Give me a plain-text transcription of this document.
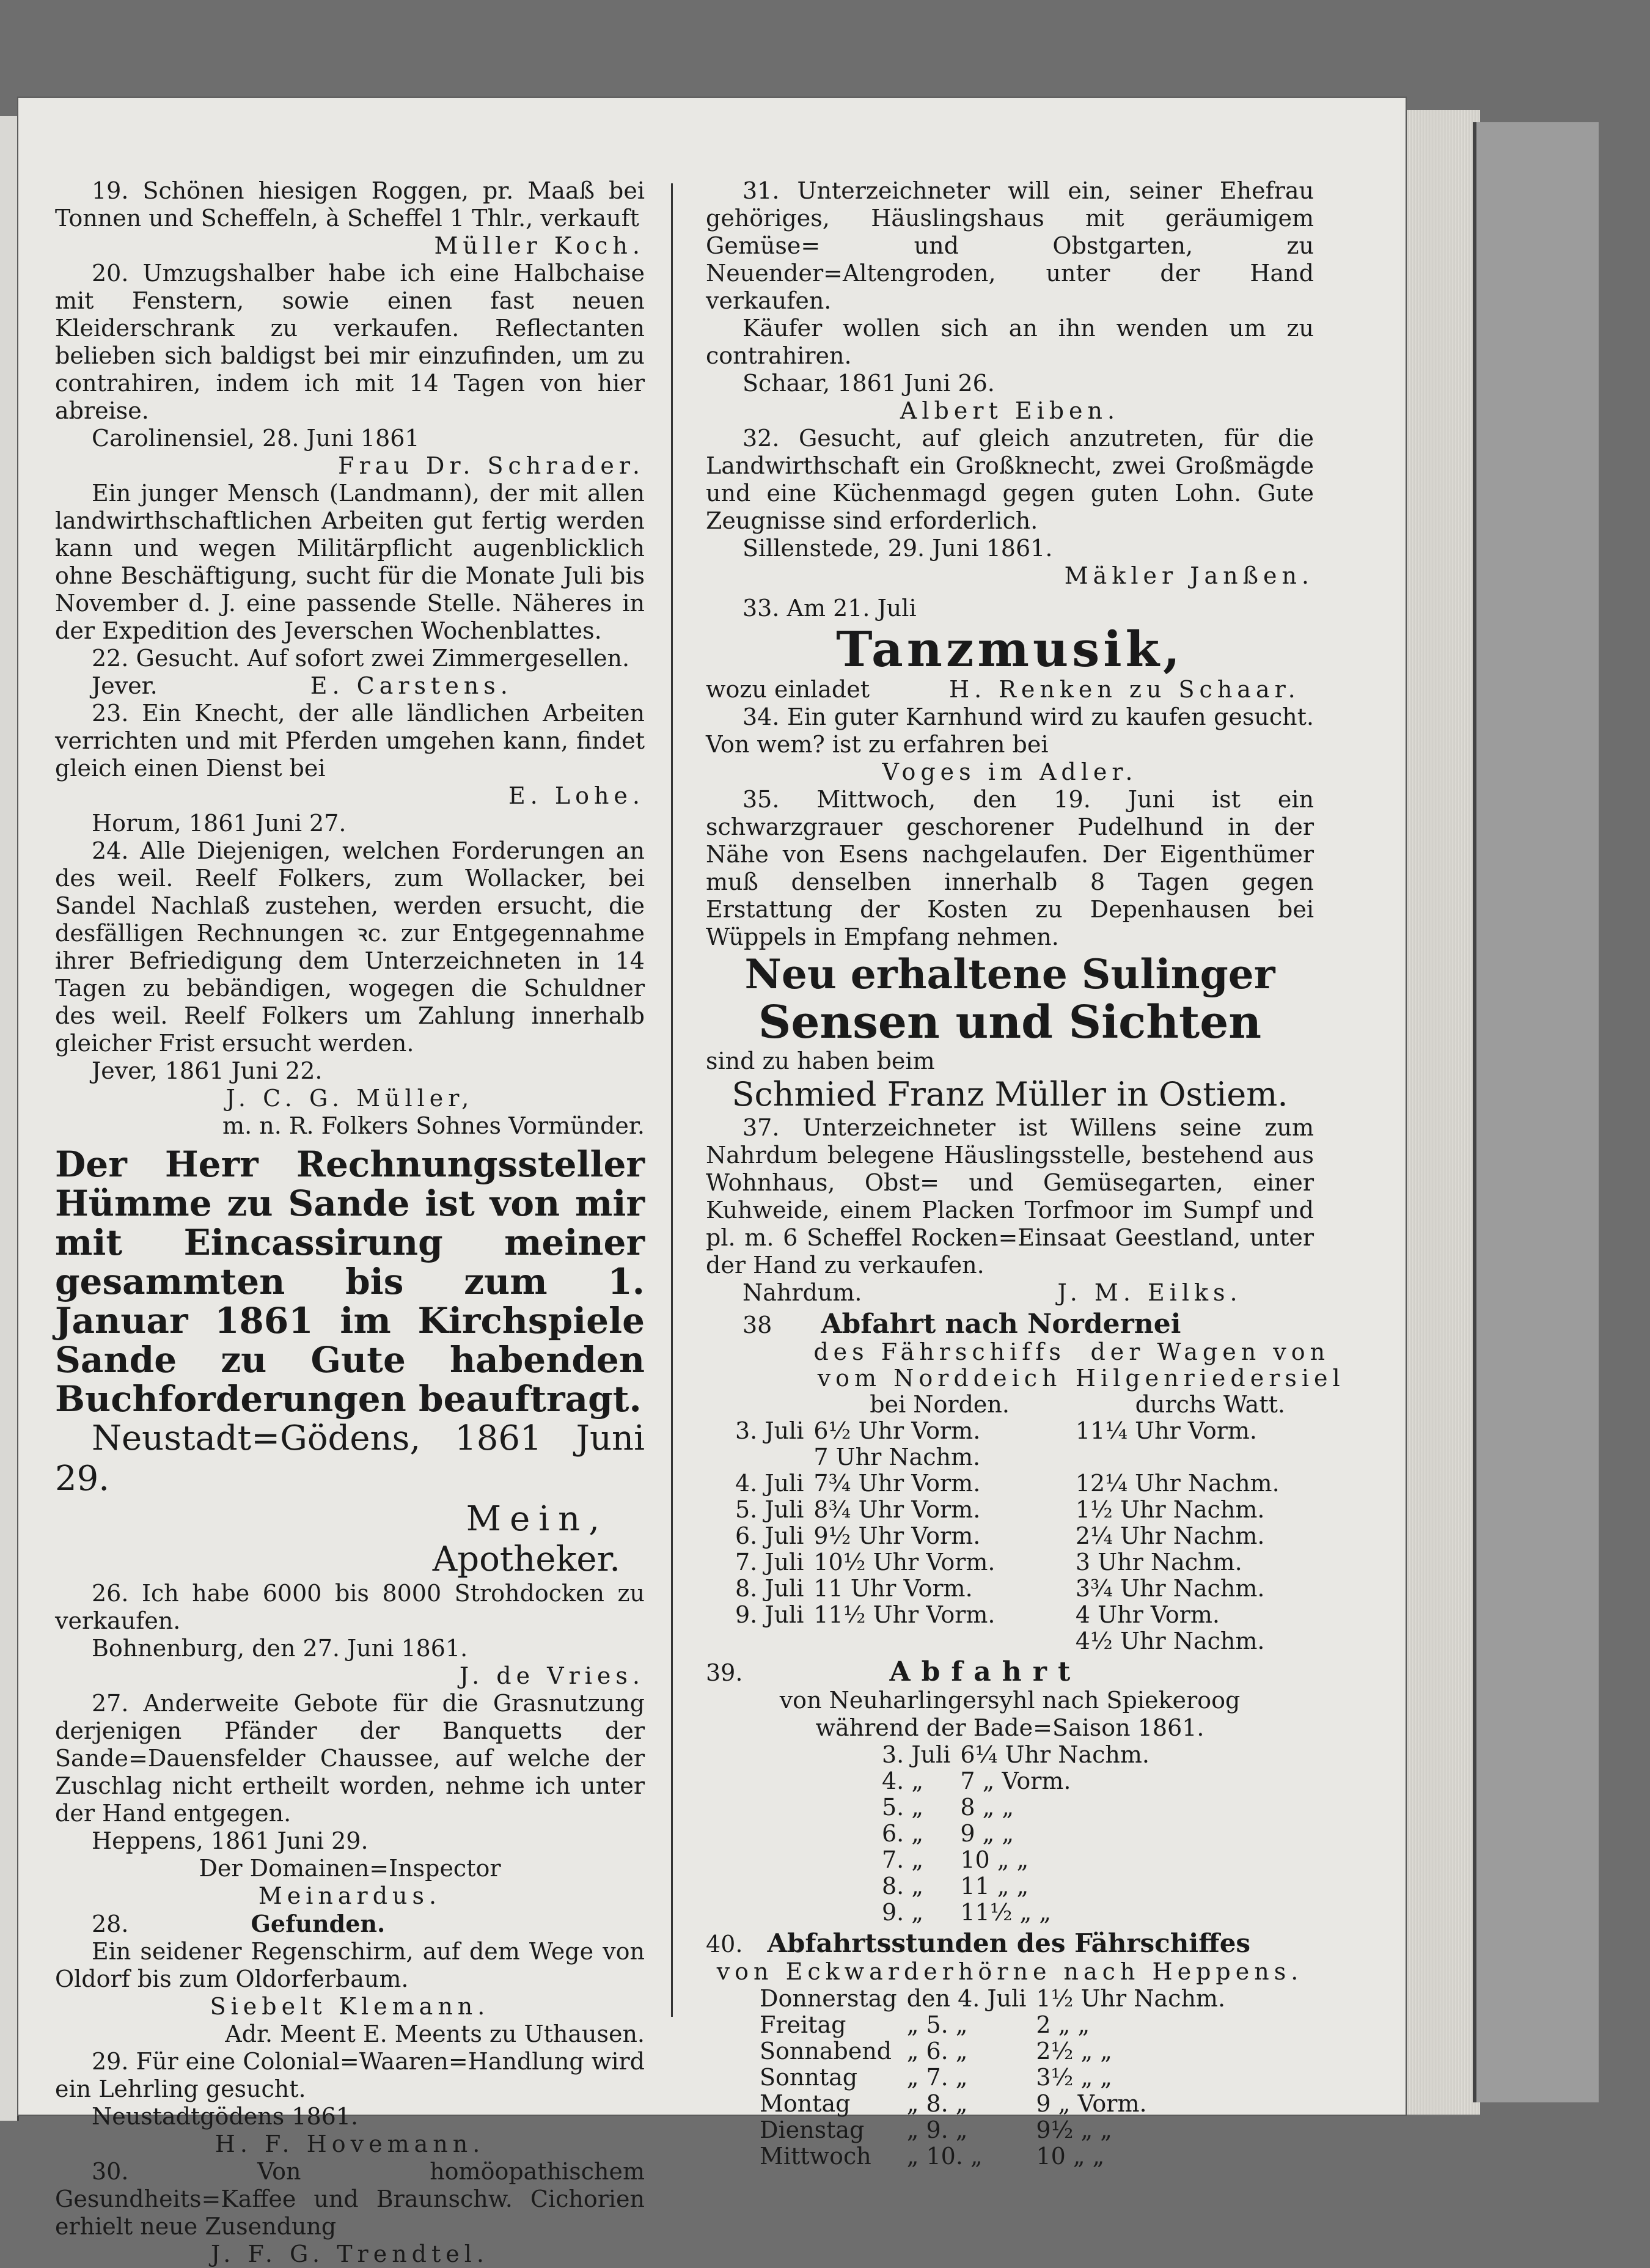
19. Schönen hiesigen Roggen, pr. Maaß bei Tonnen und Scheffeln, à Scheffel 1 Thlr., verkauft

Müller Koch.

20. Umzugshalber habe ich eine Halbchaise mit Fenstern, sowie einen fast neuen Kleiderschrank zu verkaufen. Reflectanten belieben sich baldigst bei mir einzufinden, um zu contrahiren, indem ich mit 14 Tagen von hier abreise.

Carolinensiel, 28. Juni 1861

Frau Dr. Schrader.

Ein junger Mensch (Landmann), der mit allen landwirthschaftlichen Arbeiten gut fertig werden kann und wegen Militärpflicht augenblicklich ohne Beschäftigung, sucht für die Monate Juli bis November d. J. eine passende Stelle. Näheres in der Expedition des Jeverschen Wochenblattes.

22. Gesucht. Auf sofort zwei Zimmergesellen.

Jever.	E. Carstens.

23. Ein Knecht, der alle ländlichen Arbeiten verrichten und mit Pferden umgehen kann, findet gleich einen Dienst bei

E. Lohe.

Horum, 1861 Juni 27.

24. Alle Diejenigen, welchen Forderungen an des weil. Reelf Folkers, zum Wollacker, bei Sandel Nachlaß zustehen, werden ersucht, die desfälligen Rechnungen ꝛc. zur Entgegennahme ihrer Befriedigung dem Unterzeichneten in 14 Tagen zu bebändigen, wogegen die Schuldner des weil. Reelf Folkers um Zahlung innerhalb gleicher Frist ersucht werden.

Jever, 1861 Juni 22.

J. C. G. Müller,

m. n. R. Folkers Sohnes Vormünder.

Der Herr Rechnungssteller Hümme zu Sande ist von mir mit Eincassirung meiner gesammten bis zum 1. Januar 1861 im Kirchspiele Sande zu Gute habenden Buchforderungen beauftragt.

Neustadt=Gödens, 1861 Juni 29.

Mein,

Apotheker.

26. Ich habe 6000 bis 8000 Strohdocken zu verkaufen.

Bohnenburg, den 27. Juni 1861.

J. de Vries.

27. Anderweite Gebote für die Grasnutzung derjenigen Pfänder der Banquetts der Sande=Dauensfelder Chaussee, auf welche der Zuschlag nicht ertheilt worden, nehme ich unter der Hand entgegen.

Heppens, 1861 Juni 29.

Der Domainen=Inspector

Meinardus.

28.	Gefunden.

Ein seidener Regenschirm, auf dem Wege von Oldorf bis zum Oldorferbaum.

Siebelt Klemann.

Adr. Meent E. Meents zu Uthausen.

29. Für eine Colonial=Waaren=Handlung wird ein Lehrling gesucht.

Neustadtgödens 1861.

H. F. Hovemann.

30. Von homöopathischem Gesundheits=Kaffee und Braunschw. Cichorien erhielt neue Zusendung

J. F. G. Trendtel.

31. Unterzeichneter will ein, seiner Ehefrau gehöriges, Häuslingshaus mit geräumigem Gemüse= und Obstgarten, zu Neuender=Altengroden, unter der Hand verkaufen.

Käufer wollen sich an ihn wenden um zu contrahiren.

Schaar, 1861 Juni 26.

Albert Eiben.

32. Gesucht, auf gleich anzutreten, für die Landwirthschaft ein Großknecht, zwei Großmägde und eine Küchenmagd gegen guten Lohn. Gute Zeugnisse sind erforderlich.

Sillenstede, 29. Juni 1861.

Mäkler Janßen.

33. Am 21. Juli

Tanzmusik,

wozu einladet	H. Renken zu Schaar.

34. Ein guter Karnhund wird zu kaufen gesucht. Von wem? ist zu erfahren bei

Voges im Adler.

35. Mittwoch, den 19. Juni ist ein schwarzgrauer geschorener Pudelhund in der Nähe von Esens nachgelaufen. Der Eigenthümer muß denselben innerhalb 8 Tagen gegen Erstattung der Kosten zu Depenhausen bei Wüppels in Empfang nehmen.

Neu erhaltene Sulinger

Sensen und Sichten

sind zu haben beim

Schmied Franz Müller in Ostiem.

37. Unterzeichneter ist Willens seine zum Nahrdum belegene Häuslingsstelle, bestehend aus Wohnhaus, Obst= und Gemüsegarten, einer Kuhweide, einem Placken Torfmoor im Sumpf und pl. m. 6 Scheffel Rocken=Einsaat Geestland, unter der Hand zu verkaufen.

Nahrdum.	J. M. Eilks.

38 Abfahrt nach Nordernei

	des Fährschiffs	der Wagen von
	vom Norddeich	Hilgenriedersiel
	bei Norden.	durchs Watt.
3. Juli	6½ Uhr Vorm.	11¼ Uhr Vorm.
	7 Uhr Nachm.	
4. Juli	7¾ Uhr Vorm.	12¼ Uhr Nachm.
5. Juli	8¾ Uhr Vorm.	1½ Uhr Nachm.
6. Juli	9½ Uhr Vorm.	2¼ Uhr Nachm.
7. Juli	10½ Uhr Vorm.	3 Uhr Nachm.
8. Juli	11 Uhr Vorm.	3¾ Uhr Nachm.
9. Juli	11½ Uhr Vorm.	4 Uhr Vorm.
		4½ Uhr Nachm.

39.	Abfahrt

von Neuharlingersyhl nach Spiekeroog

während der Bade=Saison 1861.

3. Juli	6¼ Uhr Nachm.
4. „	7 „ Vorm.
5. „	8 „ „
6. „	9 „ „
7. „	10 „ „
8. „	11 „ „
9. „	11½ „ „

40. Abfahrtsstunden des Fährschiffes

von Eckwarderhörne nach Heppens.

Donnerstag	den 4. Juli	1½ Uhr Nachm.
Freitag	„ 5. „	2 „ „
Sonnabend	„ 6. „	2½ „ „
Sonntag	„ 7. „	3½ „ „
Montag	„ 8. „	9 „ Vorm.
Dienstag	„ 9. „	9½ „ „
Mittwoch	„ 10. „	10 „ „
